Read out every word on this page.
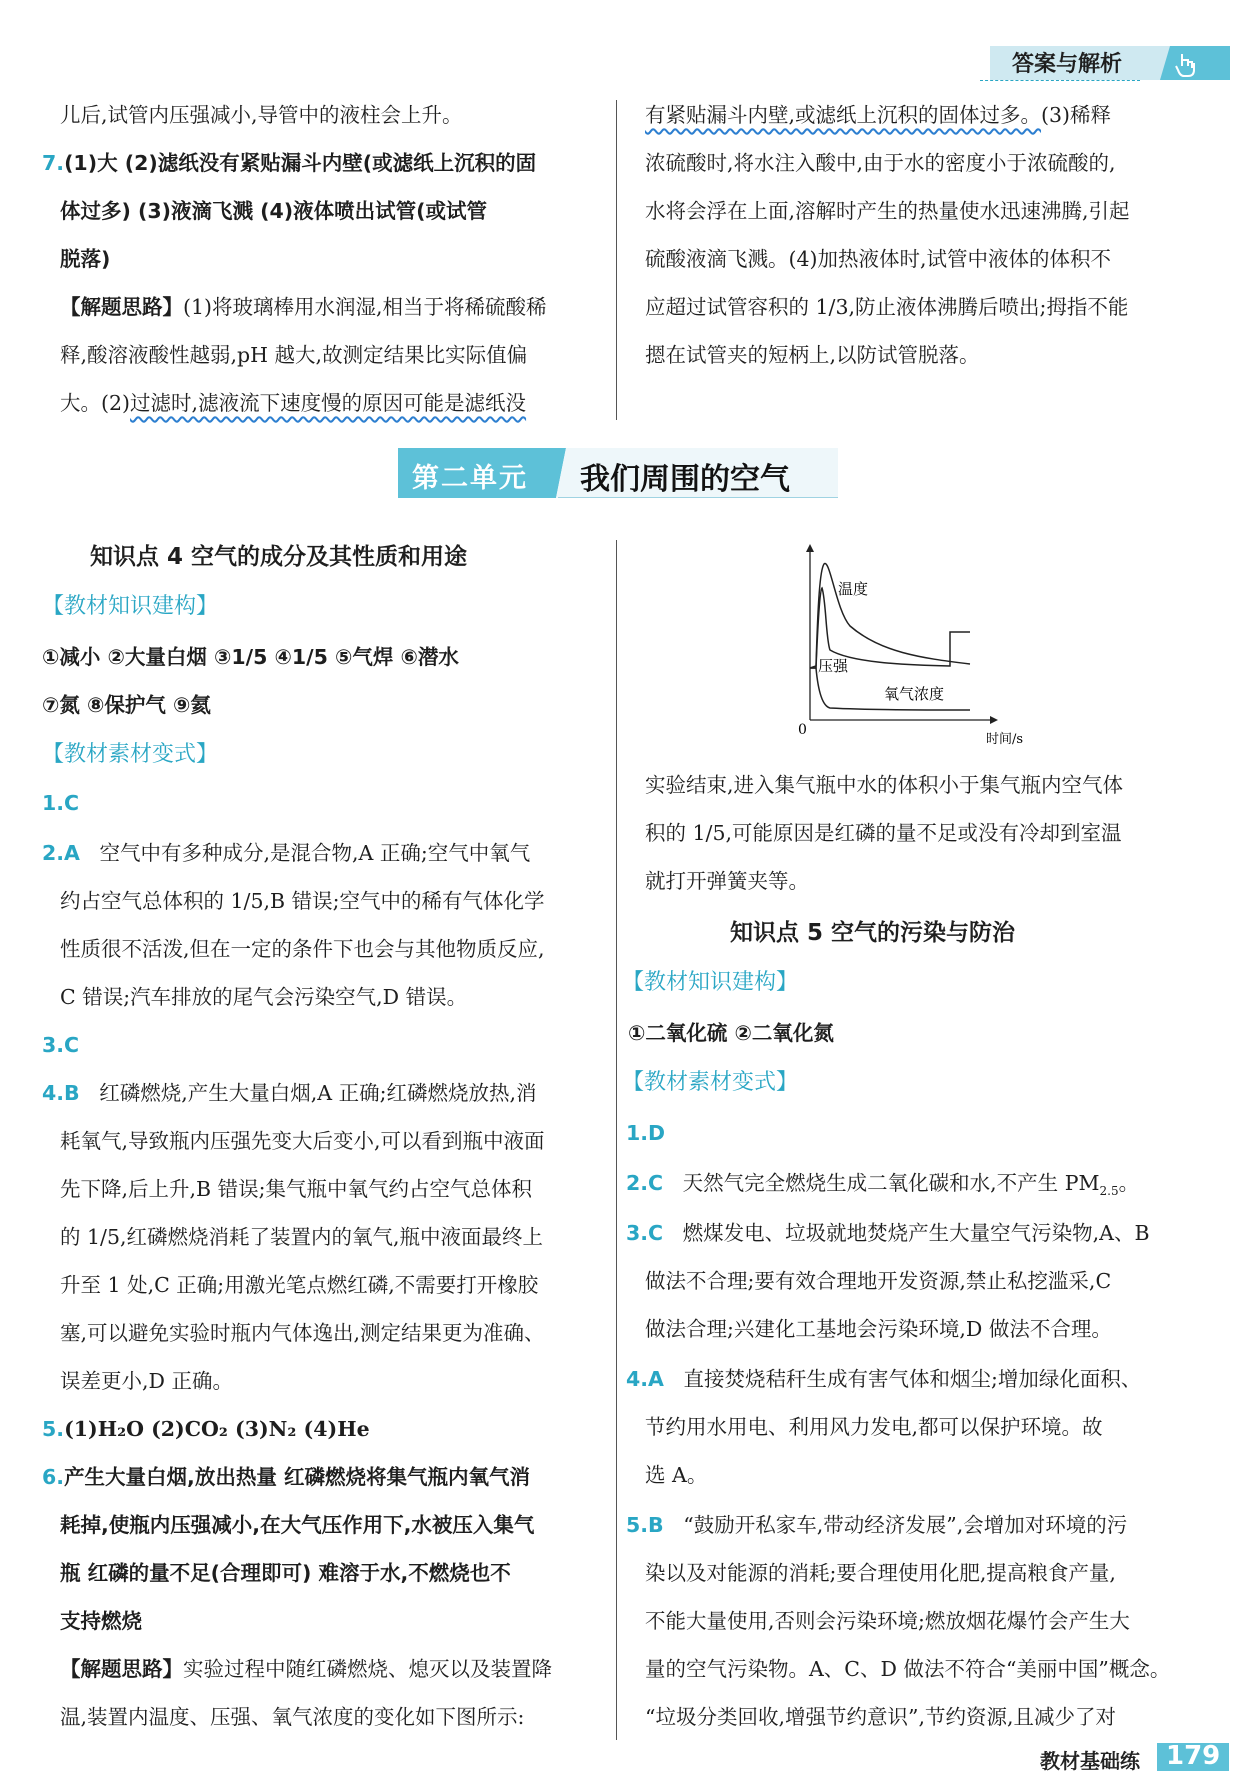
答案与解析
儿后,试管内压强减小,导管中的液柱会上升。
7.(1)大 (2)滤纸没有紧贴漏斗内壁(或滤纸上沉积的固
体过多) (3)液滴飞溅 (4)液体喷出试管(或试管
脱落)
【解题思路】(1)将玻璃棒用水润湿,相当于将稀硫酸稀
释,酸溶液酸性越弱,pH 越大,故测定结果比实际值偏
大。(2)过滤时,滤液流下速度慢的原因可能是滤纸没
有紧贴漏斗内壁,或滤纸上沉积的固体过多。(3)稀释
浓硫酸时,将水注入酸中,由于水的密度小于浓硫酸的,
水将会浮在上面,溶解时产生的热量使水迅速沸腾,引起
硫酸液滴飞溅。(4)加热液体时,试管中液体的体积不
应超过试管容积的 1/3,防止液体沸腾后喷出;拇指不能
摁在试管夹的短柄上,以防试管脱落。
第二单元 我们周围的空气
知识点 4 空气的成分及其性质和用途
【教材知识建构】
①减小 ②大量白烟 ③1/5 ④1/5 ⑤气焊 ⑥潜水
⑦氮 ⑧保护气 ⑨氦
【教材素材变式】
1.C
2.A 空气中有多种成分,是混合物,A 正确;空气中氧气
约占空气总体积的 1/5,B 错误;空气中的稀有气体化学
性质很不活泼,但在一定的条件下也会与其他物质反应,
C 错误;汽车排放的尾气会污染空气,D 错误。
3.C
4.B 红磷燃烧,产生大量白烟,A 正确;红磷燃烧放热,消
耗氧气,导致瓶内压强先变大后变小,可以看到瓶中液面
先下降,后上升,B 错误;集气瓶中氧气约占空气总体积
的 1/5,红磷燃烧消耗了装置内的氧气,瓶中液面最终上
升至 1 处,C 正确;用激光笔点燃红磷,不需要打开橡胶
塞,可以避免实验时瓶内气体逸出,测定结果更为准确、
误差更小,D 正确。
5.(1)H₂O (2)CO₂ (3)N₂ (4)He
6.产生大量白烟,放出热量 红磷燃烧将集气瓶内氧气消
耗掉,使瓶内压强减小,在大气压作用下,水被压入集气
瓶 红磷的量不足(合理即可) 难溶于水,不燃烧也不
支持燃烧
【解题思路】实验过程中随红磷燃烧、熄灭以及装置降
温,装置内温度、压强、氧气浓度的变化如下图所示:
温度
压强
氧气浓度
0
时间/s
实验结束,进入集气瓶中水的体积小于集气瓶内空气体
积的 1/5,可能原因是红磷的量不足或没有冷却到室温
就打开弹簧夹等。
知识点 5 空气的污染与防治
【教材知识建构】
①二氧化硫 ②二氧化氮
【教材素材变式】
1.D
2.C 天然气完全燃烧生成二氧化碳和水,不产生 $PM_{2.5}$。
3.C 燃煤发电、垃圾就地焚烧产生大量空气污染物,A、B
做法不合理;要有效合理地开发资源,禁止私挖滥采,C
做法合理;兴建化工基地会污染环境,D 做法不合理。
4.A 直接焚烧秸秆生成有害气体和烟尘;增加绿化面积、
节约用水用电、利用风力发电,都可以保护环境。故
选 A。
5.B “鼓励开私家车,带动经济发展”,会增加对环境的污
染以及对能源的消耗;要合理使用化肥,提高粮食产量,
不能大量使用,否则会污染环境;燃放烟花爆竹会产生大
量的空气污染物。A、C、D 做法不符合“美丽中国”概念。
“垃圾分类回收,增强节约意识”,节约资源,且减少了对
教材基础练 179
